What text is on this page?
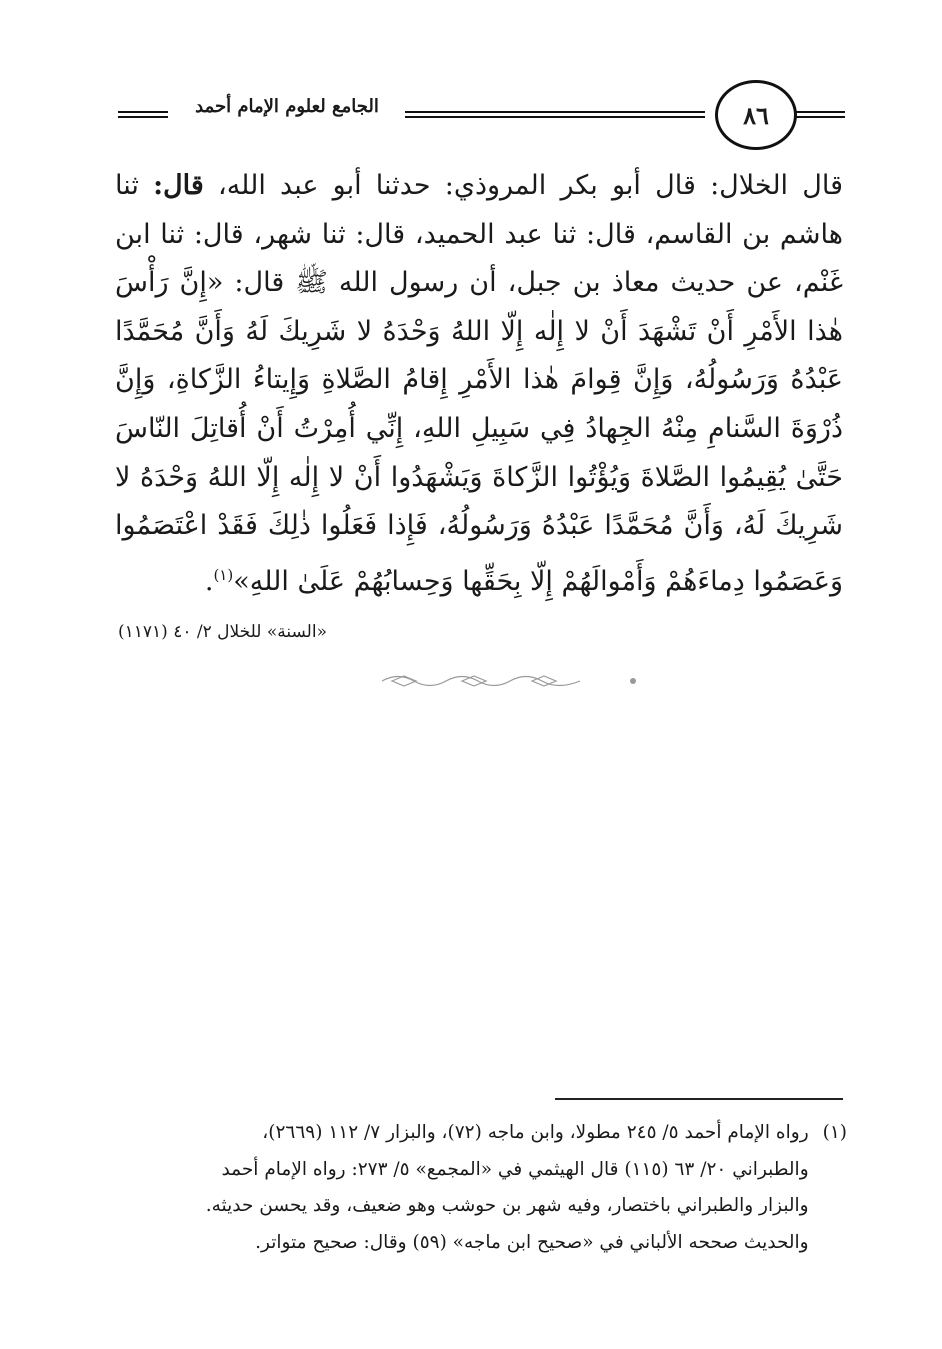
٨٦
الجامع لعلوم الإمام أحمد
قال الخلال: قال أبو بكر المروذي: حدثنا أبو عبد الله، قال: ثنا هاشم بن القاسم، قال: ثنا عبد الحميد، قال: ثنا شهر، قال: ثنا ابن غَنْم، عن حديث معاذ بن جبل، أن رسول الله ﷺ قال: «إِنَّ رَأْسَ هٰذا الأَمْرِ أَنْ تَشْهَدَ أَنْ لا إِلٰه إِلّا اللهُ وَحْدَهُ لا شَرِيكَ لَهُ وَأَنَّ مُحَمَّدًا عَبْدُهُ وَرَسُولُهُ، وَإِنَّ قِوامَ هٰذا الأَمْرِ إِقامُ الصَّلاةِ وَإِيتاءُ الزَّكاةِ، وَإِنَّ ذُرْوَةَ السَّنامِ مِنْهُ الجِهادُ فِي سَبِيلِ اللهِ، إِنِّي أُمِرْتُ أَنْ أُقاتِلَ النّاسَ حَتَّىٰ يُقِيمُوا الصَّلاةَ وَيُؤْتُوا الزَّكاةَ وَيَشْهَدُوا أَنْ لا إِلٰه إِلّا اللهُ وَحْدَهُ لا شَرِيكَ لَهُ، وَأَنَّ مُحَمَّدًا عَبْدُهُ وَرَسُولُهُ، فَإِذا فَعَلُوا ذٰلِكَ فَقَدْ اعْتَصَمُوا وَعَصَمُوا دِماءَهُمْ وَأَمْوالَهُمْ إِلّا بِحَقِّها وَحِسابُهُمْ عَلَىٰ اللهِ»$^{(١)}$.
«السنة» للخلال ٢/ ٤٠ (١١٧١)
(١)
رواه الإمام أحمد ٥/ ٢٤٥ مطولا، وابن ماجه (٧٢)، والبزار ٧/ ١١٢ (٢٦٦٩)،
والطبراني ٢٠/ ٦٣ (١١٥) قال الهيثمي في «المجمع» ٥/ ٢٧٣: رواه الإمام أحمد
والبزار والطبراني باختصار، وفيه شهر بن حوشب وهو ضعيف، وقد يحسن حديثه.
والحديث صححه الألباني في «صحيح ابن ماجه» (٥٩) وقال: صحيح متواتر.
